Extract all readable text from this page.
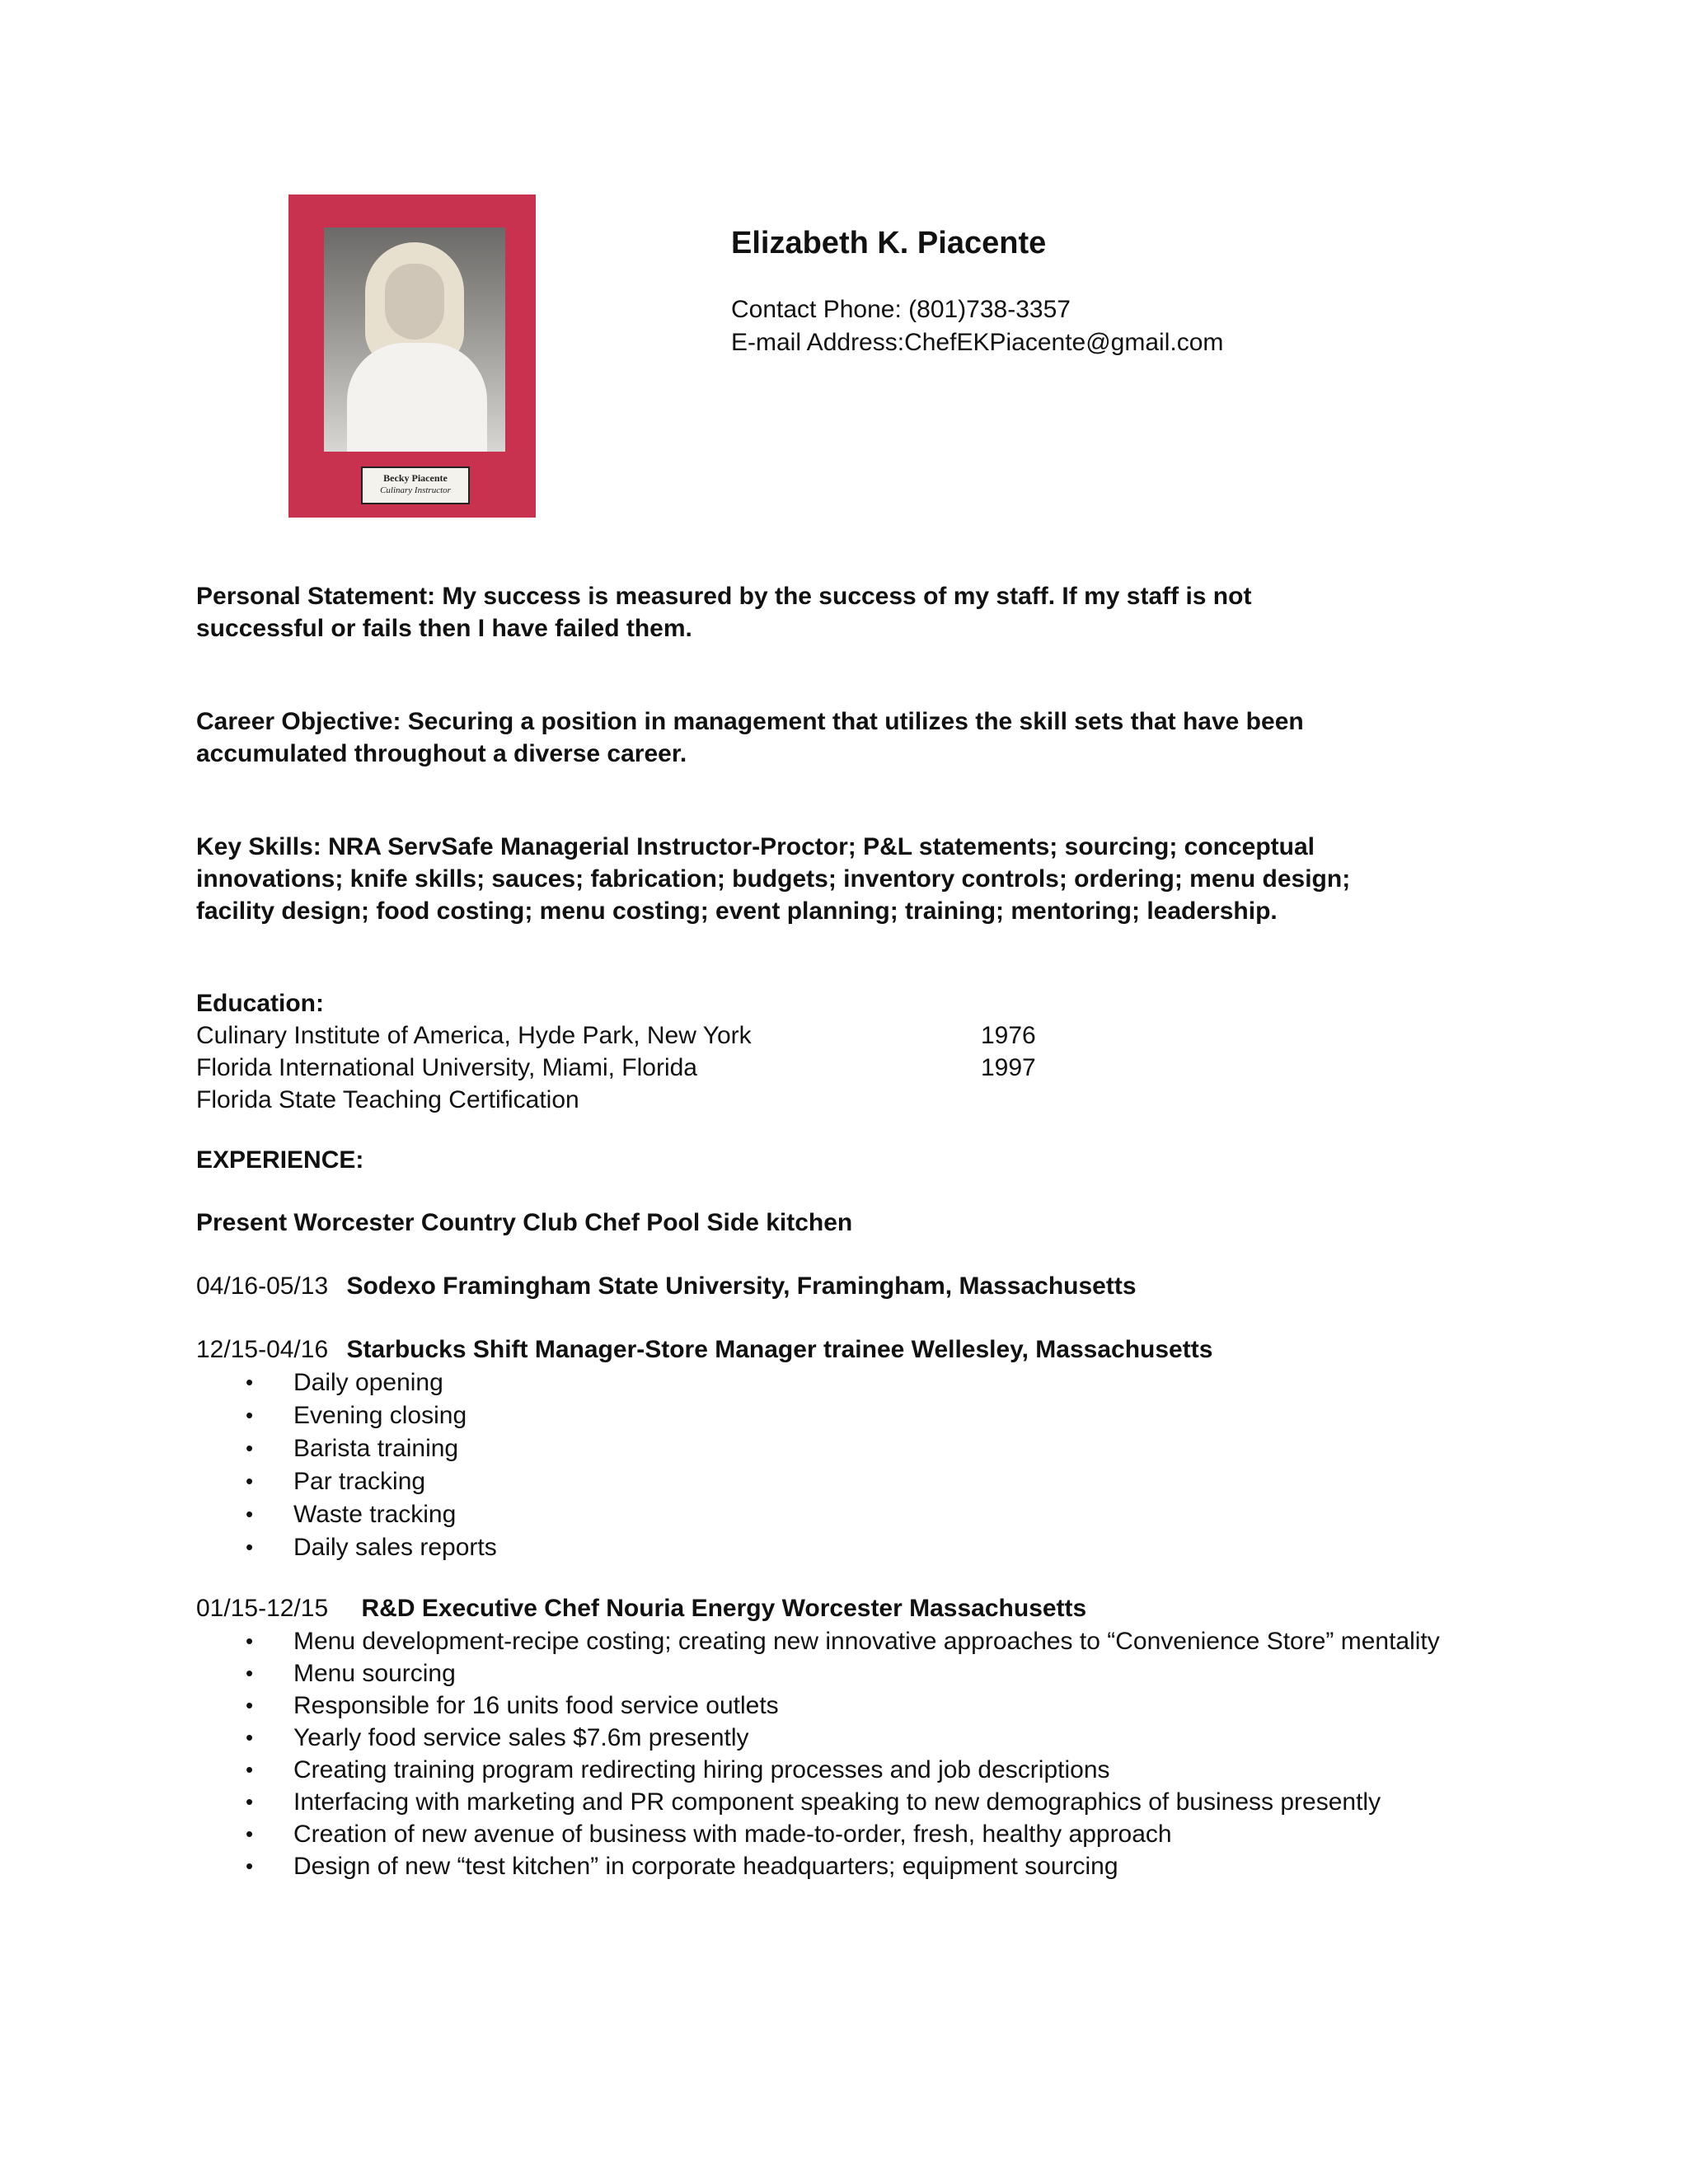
Becky Piacente
Culinary Instructor
Elizabeth K. Piacente
Contact Phone: (801)738-3357
E-mail Address:ChefEKPiacente@gmail.com
Personal Statement: My success is measured by the success of my staff. If my staff is not
successful or fails then I have failed them.
Career Objective: Securing a position in management that utilizes the skill sets that have been
accumulated throughout a diverse career.
Key Skills: NRA ServSafe Managerial Instructor-Proctor; P&L statements; sourcing; conceptual
innovations; knife skills; sauces; fabrication; budgets; inventory controls; ordering; menu design;
facility design; food costing; menu costing; event planning; training; mentoring; leadership.
Education:
Culinary Institute of America, Hyde Park, New York	1976
Florida International University, Miami, Florida	1997
Florida State Teaching Certification
EXPERIENCE:
Present Worcester Country Club Chef Pool Side kitchen
04/16-05/13 Sodexo Framingham State University, Framingham, Massachusetts
12/15-04/16 Starbucks Shift Manager-Store Manager trainee Wellesley, Massachusetts
• Daily opening
• Evening closing
• Barista training
• Par tracking
• Waste tracking
• Daily sales reports
01/15-12/15 R&D Executive Chef Nouria Energy Worcester Massachusetts
• Menu development-recipe costing; creating new innovative approaches to “Convenience Store” mentality
• Menu sourcing
• Responsible for 16 units food service outlets
• Yearly food service sales $7.6m presently
• Creating training program redirecting hiring processes and job descriptions
• Interfacing with marketing and PR component speaking to new demographics of business presently
• Creation of new avenue of business with made-to-order, fresh, healthy approach
• Design of new “test kitchen” in corporate headquarters; equipment sourcing
